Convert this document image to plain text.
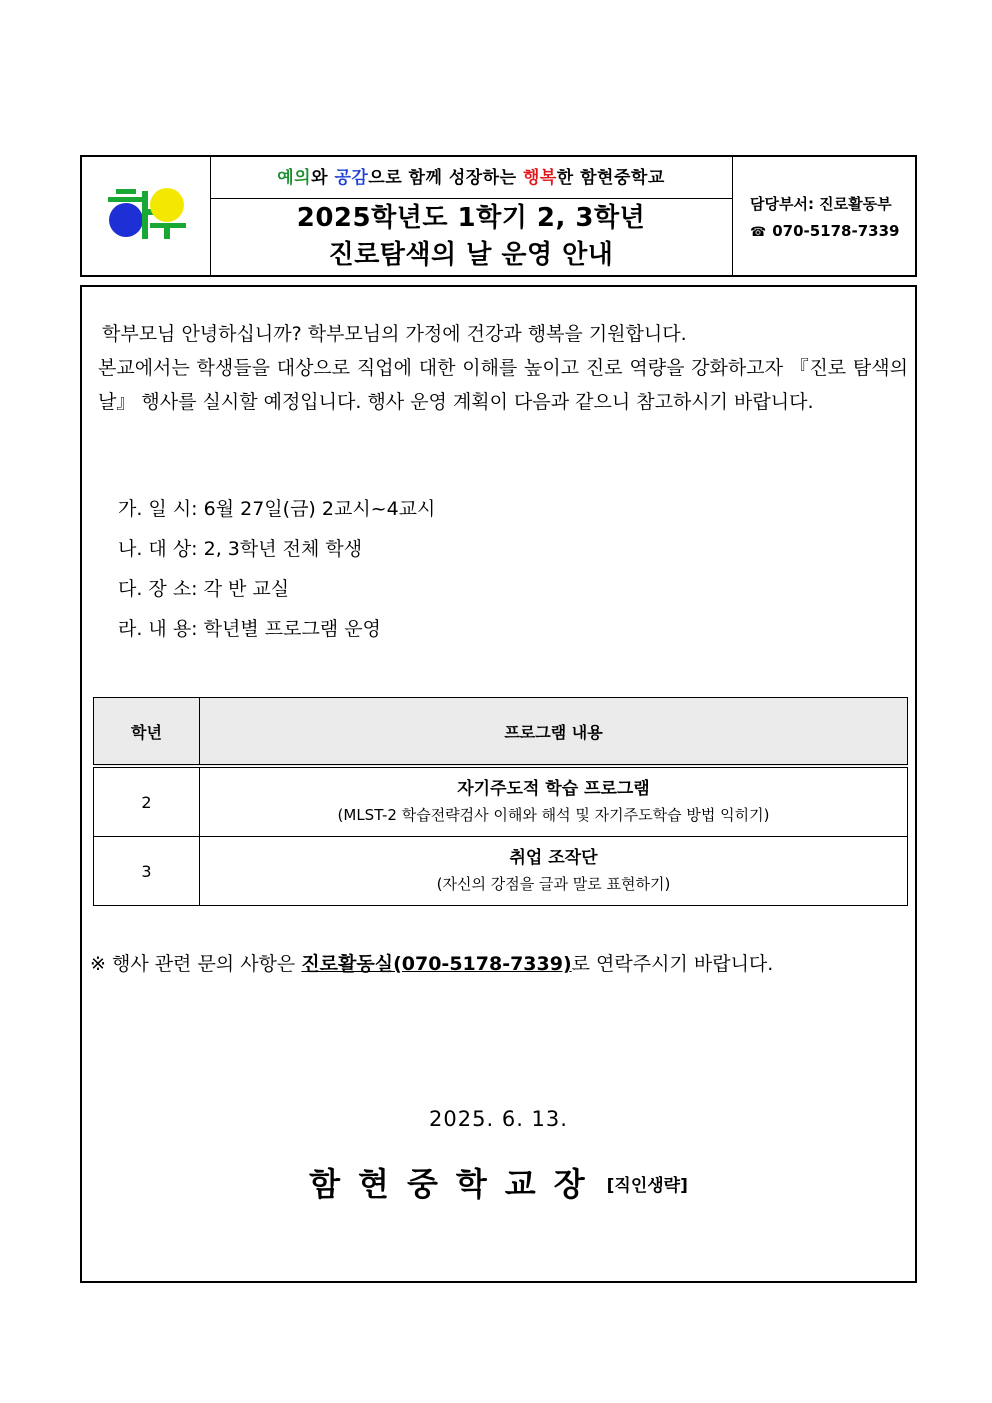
예의와 공감으로 함께 성장하는 행복한 함현중학교
2025학년도 1학기 2, 3학년
진로탐색의 날 운영 안내
담당부서: 진로활동부
☎ 070-5178-7339

학부모님 안녕하십니까? 학부모님의 가정에 건강과 행복을 기원합니다.

본교에서는 학생들을 대상으로 직업에 대한 이해를 높이고 진로 역량을 강화하고자 『진로 탐색의 날』 행사를 실시할 예정입니다. 행사 운영 계획이 다음과 같으니 참고하시기 바랍니다.

가. 일 시: 6월 27일(금) 2교시~4교시
나. 대 상: 2, 3학년 전체 학생
다. 장 소: 각 반 교실
라. 내 용: 학년별 프로그램 운영
학년	프로그램 내용
2	자기주도적 학습 프로그램
(MLST-2 학습전략검사 이해와 해석 및 자기주도학습 방법 익히기)

3	취업 조작단
(자신의 강점을 글과 말로 표현하기)
※ 행사 관련 문의 사항은 진로활동실(070-5178-7339)로 연락주시기 바랍니다.
2025. 6. 13.
함현중학교장 [직인생략]
